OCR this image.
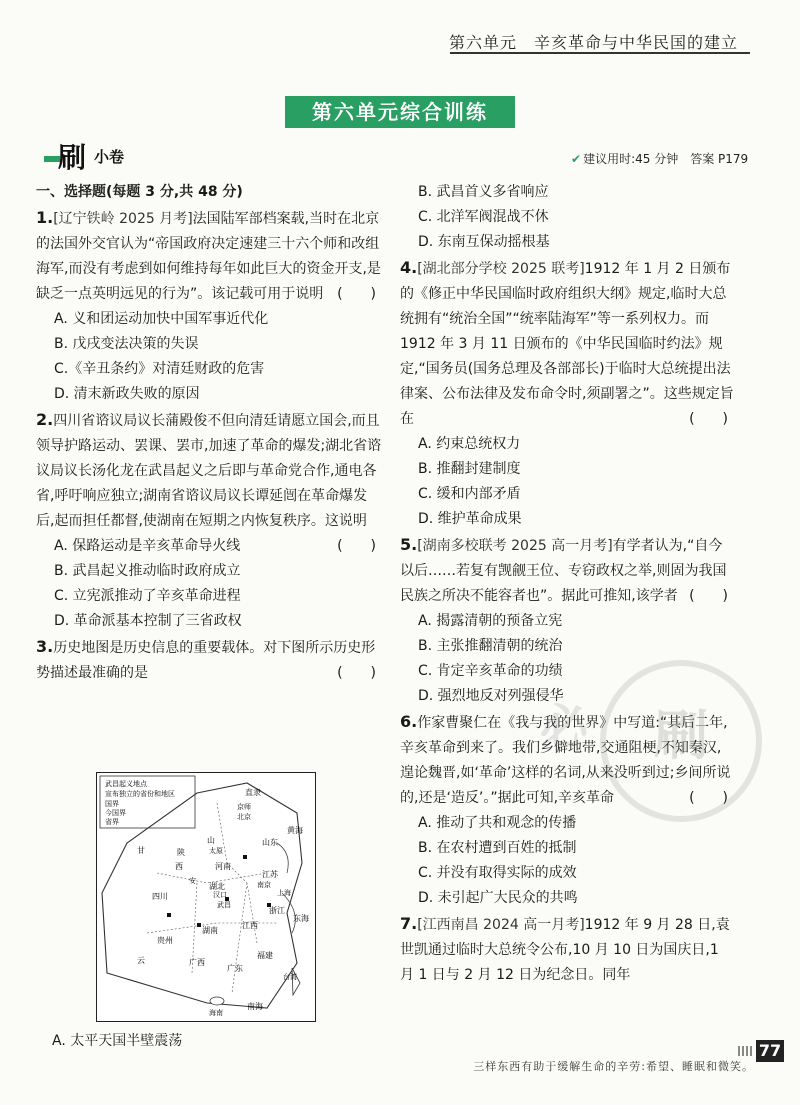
第六单元　辛亥革命与中华民国的建立
第六单元综合训练
刷 小卷	✔ 建议用时:45 分钟　 答案 P179
一、选择题(每题 3 分,共 48 分)
1.[辽宁铁岭 2025 月考]法国陆军部档案载,当时在北京的法国外交官认为“帝国政府决定速建三十六个师和改组海军,而没有考虑到如何维持每年如此巨大的资金开支,是缺乏一点英明远见的行为”。该记载可用于说明 (　　)
A. 义和团运动加快中国军事近代化
B. 戊戌变法决策的失误
C.《辛丑条约》对清廷财政的危害
D. 清末新政失败的原因
2.四川省谘议局议长蒲殿俊不但向清廷请愿立国会,而且领导护路运动、罢课、罢市,加速了革命的爆发;湖北省谘议局议长汤化龙在武昌起义之后即与革命党合作,通电各省,呼吁响应独立;湖南省谘议局议长谭延闿在革命爆发后,起而担任都督,使湖南在短期之内恢复秩序。这说明
(　　)
A. 保路运动是辛亥革命导火线
B. 武昌起义推动临时政府成立
C. 立宪派推动了辛亥革命进程
D. 革命派基本控制了三省政权
3.历史地图是历史信息的重要载体。对下图所示历史形势描述最准确的是	(　　)
武昌起义地点
宣布独立的省份和地区
国界
今国界
省界
直隶
京师
北京
山东
黄海
河南
江苏
南京
上海
东海
湖北
武昌
汉口
浙江
四川
湖南
江西
福建
贵州
广西
广东
台湾
南海
海南
甘	陕
西
安
山
太原
云
A. 太平天国半壁震荡
B. 武昌首义多省响应
C. 北洋军阀混战不休
D. 东南互保动摇根基
4.[湖北部分学校 2025 联考]1912 年 1 月 2 日颁布的《修正中华民国临时政府组织大纲》规定,临时大总统拥有“统治全国”“统率陆海军”等一系列权力。而 1912 年 3 月 11 日颁布的《中华民国临时约法》规定,“国务员(国务总理及各部部长)于临时大总统提出法律案、公布法律及发布命令时,须副署之”。这些规定旨在	(　　)
A. 约束总统权力
B. 推翻封建制度
C. 缓和内部矛盾
D. 维护革命成果
5.[湖南多校联考 2025 高一月考]有学者认为,“自今以后……若复有觊觎王位、专窃政权之举,则固为我国民族之所决不能容者也”。据此可推知,该学者 (　　)
A. 揭露清朝的预备立宪
B. 主张推翻清朝的统治
C. 肯定辛亥革命的功绩
D. 强烈地反对列强侵华
6.作家曹聚仁在《我与我的世界》中写道:“其后二年,辛亥革命到来了。我们乡僻地带,交通阻梗,不知秦汉,遑论魏晋,如‘革命’这样的名词,从来没听到过;乡间所说的,还是‘造反’。”据此可知,辛亥革命	(　　)
A. 推动了共和观念的传播
B. 在农村遭到百姓的抵制
C. 并没有取得实际的成效
D. 未引起广大民众的共鸣
7.[江西南昌 2024 高一月考]1912 年 9 月 28 日,袁世凯通过临时大总统令公布,10 月 10 日为国庆日,1 月 1 日与 2 月 12 日为纪念日。同年
必	刷
三样东西有助于缓解生命的辛劳:希望、睡眠和微笑。
77
